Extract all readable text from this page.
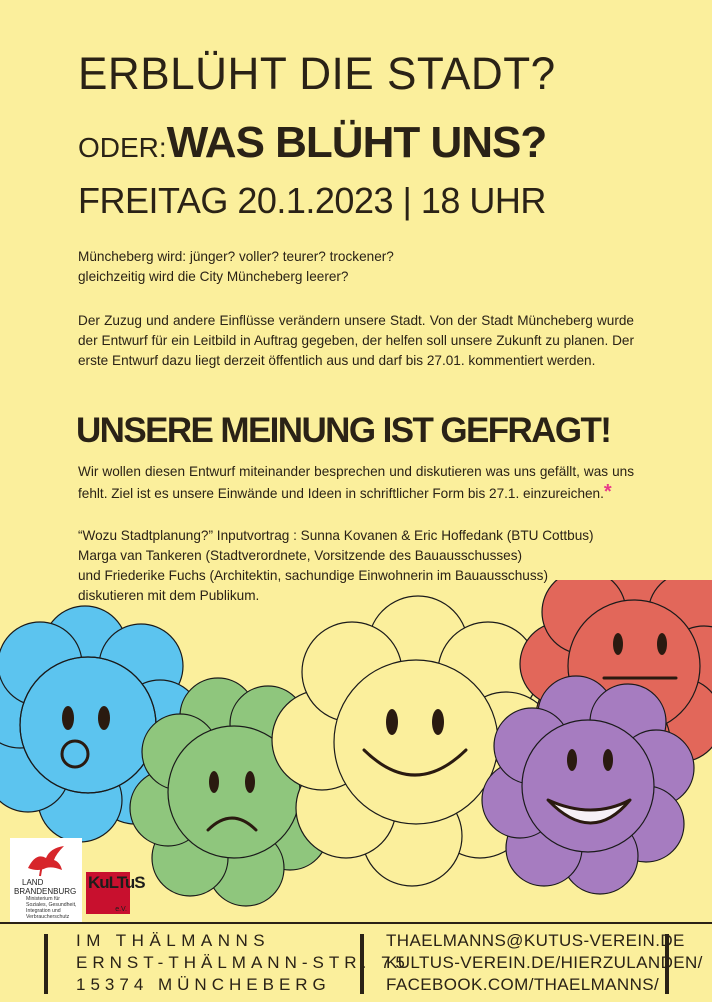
ERBLÜHT DIE STADT?
ODER:WAS BLÜHT UNS?
FREITAG 20.1.2023 | 18 UHR
Müncheberg wird: jünger? voller? teurer? trockener?
gleichzeitig wird die City Müncheberg leerer?
Der Zuzug und andere Einflüsse verändern unsere Stadt. Von der Stadt Müncheberg wurde der Entwurf für ein Leitbild in Auftrag gegeben, der helfen soll unsere Zukunft zu planen. Der erste Entwurf dazu liegt derzeit öffentlich aus und darf bis 27.01. kommentiert werden.
UNSERE MEINUNG IST GEFRAGT!
Wir wollen diesen Entwurf miteinander besprechen und diskutieren was uns gefällt, was uns fehlt. Ziel ist es unsere Einwände und Ideen in schriftlicher Form bis 27.1. einzureichen.*
“Wozu Stadtplanung?” Inputvortrag : Sunna Kovanen & Eric Hoffedank (BTU Cottbus)
Marga van Tankeren (Stadtverordnete, Vorsitzende des Bauausschusses)
und Friederike Fuchs (Architektin, sachundige Einwohnerin im Bauausschuss)
diskutieren mit dem Publikum.
LAND
BRANDENBURG
Ministerium für Soziales, Gesundheit, Integration und Verbraucherschutz
KuLTuS
e.V.
IM THÄLMANNS
ERNST-THÄLMANN-STR. 75
15374 MÜNCHEBERG
THAELMANNS@KUTUS-VEREIN.DE
KULTUS-VEREIN.DE/HIERZULANDEN/
FACEBOOK.COM/THAELMANNS/
